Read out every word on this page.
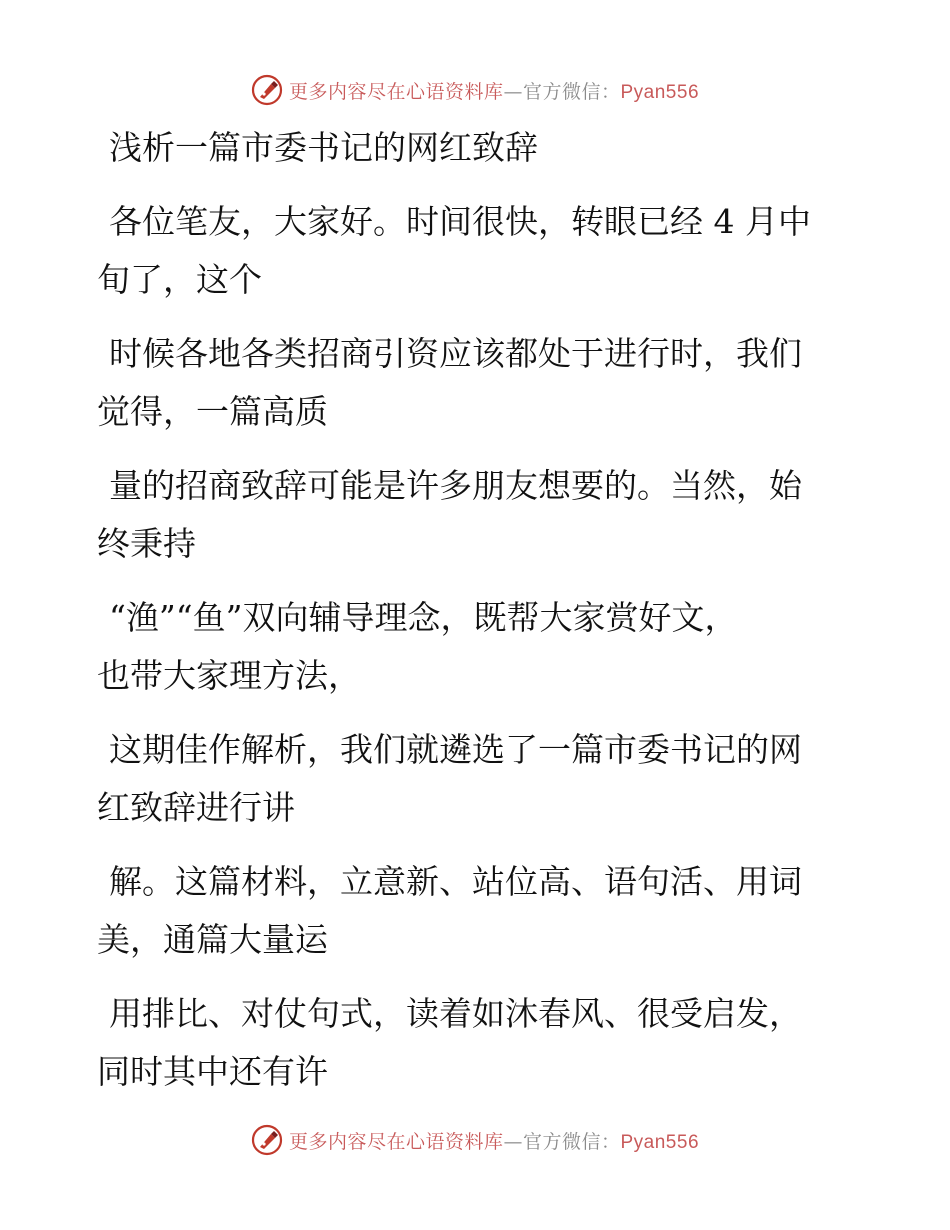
更多内容尽在心语资料库—官方微信：Pyan556
浅析一篇市委书记的网红致辞

各位笔友，大家好。时间很快，转眼已经 4 月中
旬了，这个

时候各地各类招商引资应该都处于进行时，我们
觉得，一篇高质

量的招商致辞可能是许多朋友想要的。当然，始
终秉持

“渔”“鱼”双向辅导理念，既帮大家赏好文，
也带大家理方法，

这期佳作解析，我们就遴选了一篇市委书记的网
红致辞进行讲

解。这篇材料，立意新、站位高、语句活、用词
美，通篇大量运

用排比、对仗句式，读着如沐春风、很受启发，
同时其中还有许

更多内容尽在心语资料库—官方微信：Pyan556
